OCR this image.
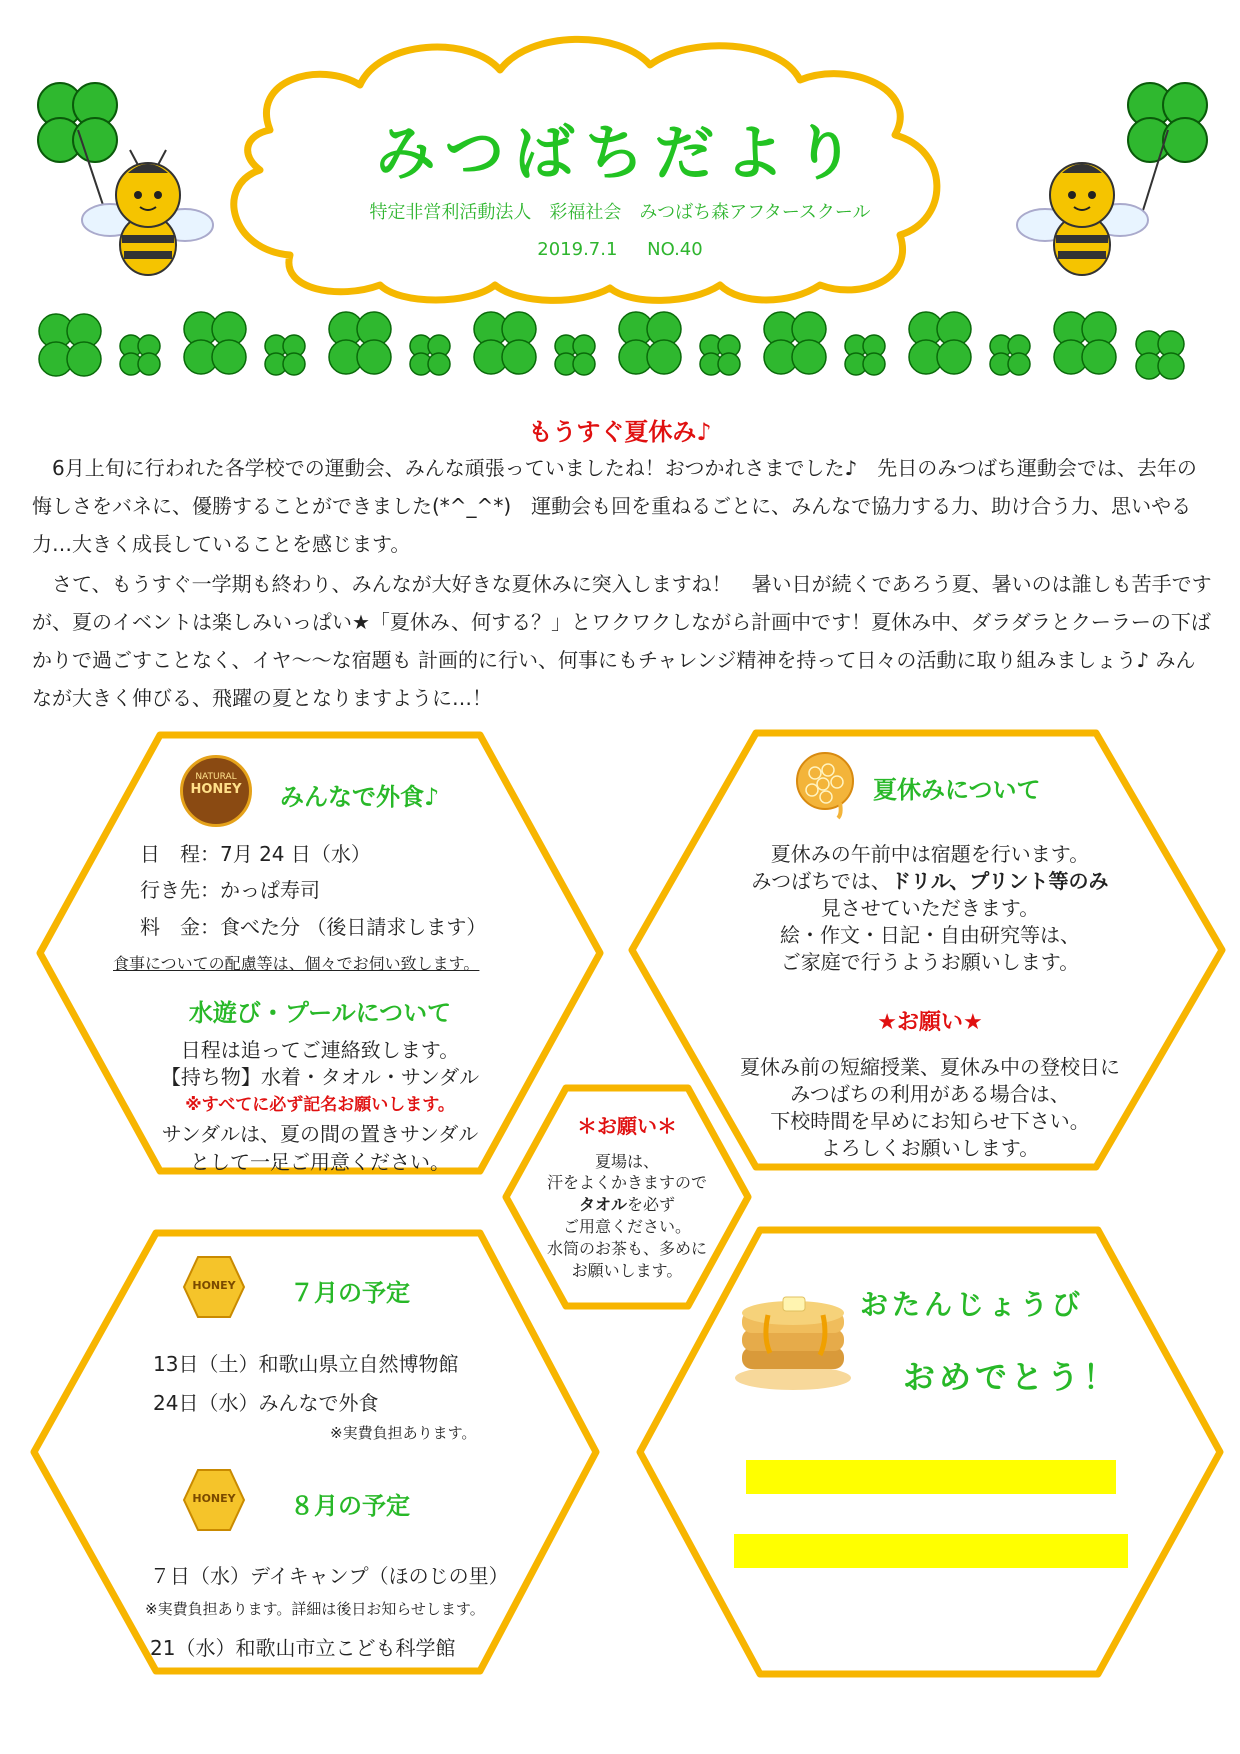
みつばちだより
特定非営利活動法人　彩福社会　みつばち森アフタースクール
2019.7.1 NO.40
もうすぐ夏休み♪

6月上旬に行われた各学校での運動会、みんな頑張っていましたね！おつかれさまでした♪　先日のみつばち運動会では、去年の悔しさをバネに、優勝することができました(*^_^*)　運動会も回を重ねるごとに、みんなで協力する力、助け合う力、思いやる力…大きく成長していることを感じます。

さて、もうすぐ一学期も終わり、みんなが大好きな夏休みに突入しますね！　暑い日が続くであろう夏、暑いのは誰しも苦手ですが、夏のイベントは楽しみいっぱい★「夏休み、何する？」とワクワクしながら計画中です！夏休み中、ダラダラとクーラーの下ばかりで過ごすことなく、イヤ～～な宿題も 計画的に行い、何事にもチャレンジ精神を持って日々の活動に取り組みましょう♪ みんなが大きく伸びる、飛躍の夏となりますように…！

NATURAL
HONEY	みんなで外食♪
日　程：7月 24 日（水）
行き先：かっぱ寿司
料　金：食べた分 （後日請求します）
食事についての配慮等は、個々でお伺い致します。
水遊び・プールについて
日程は追ってご連絡致します。
【持ち物】水着・タオル・サンダル
※すべてに必ず記名お願いします。
サンダルは、夏の間の置きサンダル
として一足ご用意ください。
夏休みについて
夏休みの午前中は宿題を行います。
みつばちでは、ドリル、プリント等のみ
見させていただきます。
絵・作文・日記・自由研究等は、
ご家庭で行うようお願いします。
★お願い★
夏休み前の短縮授業、夏休み中の登校日に
みつばちの利用がある場合は、
下校時間を早めにお知らせ下さい。
よろしくお願いします。
＊お願い＊
夏場は、
汗をよくかきますので
タオルを必ず
ご用意ください。
水筒のお茶も、多めに
お願いします。
HONEY	７月の予定
13日（土）和歌山県立自然博物館
24日（水）みんなで外食
※実費負担あります。
HONEY	８月の予定
７日（水）デイキャンプ（ほのじの里）
※実費負担あります。詳細は後日お知らせします。
21（水）和歌山市立こども科学館
おたんじょうび
おめでとう！
